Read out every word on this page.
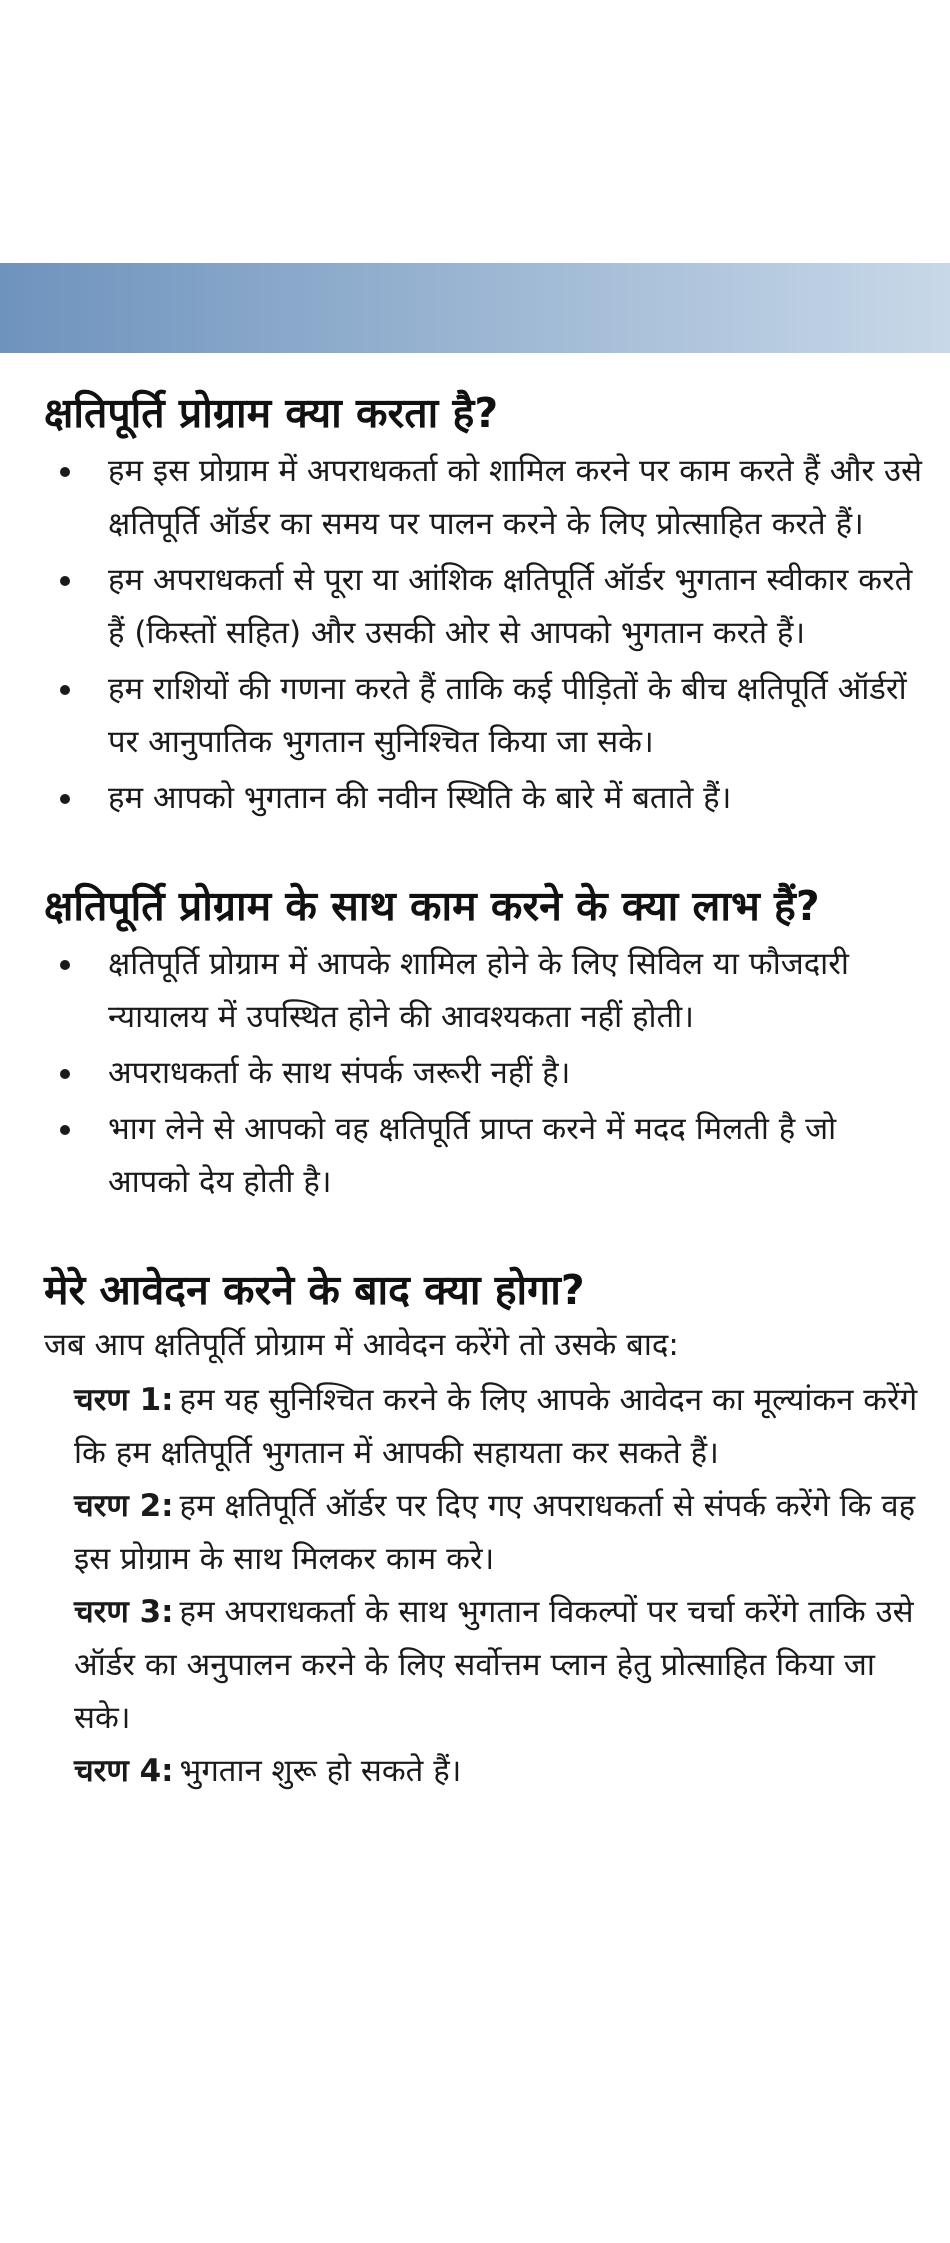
क्षतिपूर्ति प्रोग्राम क्या करता है?
हम इस प्रोग्राम में अपराधकर्ता को शामिल करने पर काम करते हैं और उसे क्षतिपूर्ति ऑर्डर का समय पर पालन करने के लिए प्रोत्साहित करते हैं।
हम अपराधकर्ता से पूरा या आंशिक क्षतिपूर्ति ऑर्डर भुगतान स्वीकार करते हैं (किस्तों सहित) और उसकी ओर से आपको भुगतान करते हैं।
हम राशियों की गणना करते हैं ताकि कई पीड़ितों के बीच क्षतिपूर्ति ऑर्डरों पर आनुपातिक भुगतान सुनिश्चित किया जा सके।
हम आपको भुगतान की नवीन स्थिति के बारे में बताते हैं।
क्षतिपूर्ति प्रोग्राम के साथ काम करने के क्या लाभ हैं?
क्षतिपूर्ति प्रोग्राम में आपके शामिल होने के लिए सिविल या फौजदारी न्यायालय में उपस्थित होने की आवश्यकता नहीं होती।
अपराधकर्ता के साथ संपर्क जरूरी नहीं है।
भाग लेने से आपको वह क्षतिपूर्ति प्राप्त करने में मदद मिलती है जो आपको देय होती है।
मेरे आवेदन करने के बाद क्या होगा?

जब आप क्षतिपूर्ति प्रोग्राम में आवेदन करेंगे तो उसके बाद:

चरण 1: हम यह सुनिश्चित करने के लिए आपके आवेदन का मूल्यांकन करेंगे कि हम क्षतिपूर्ति भुगतान में आपकी सहायता कर सकते हैं।
चरण 2: हम क्षतिपूर्ति ऑर्डर पर दिए गए अपराधकर्ता से संपर्क करेंगे कि वह इस प्रोग्राम के साथ मिलकर काम करे।
चरण 3: हम अपराधकर्ता के साथ भुगतान विकल्पों पर चर्चा करेंगे ताकि उसे ऑर्डर का अनुपालन करने के लिए सर्वोत्तम प्लान हेतु प्रोत्साहित किया जा सके।
चरण 4: भुगतान शुरू हो सकते हैं।
